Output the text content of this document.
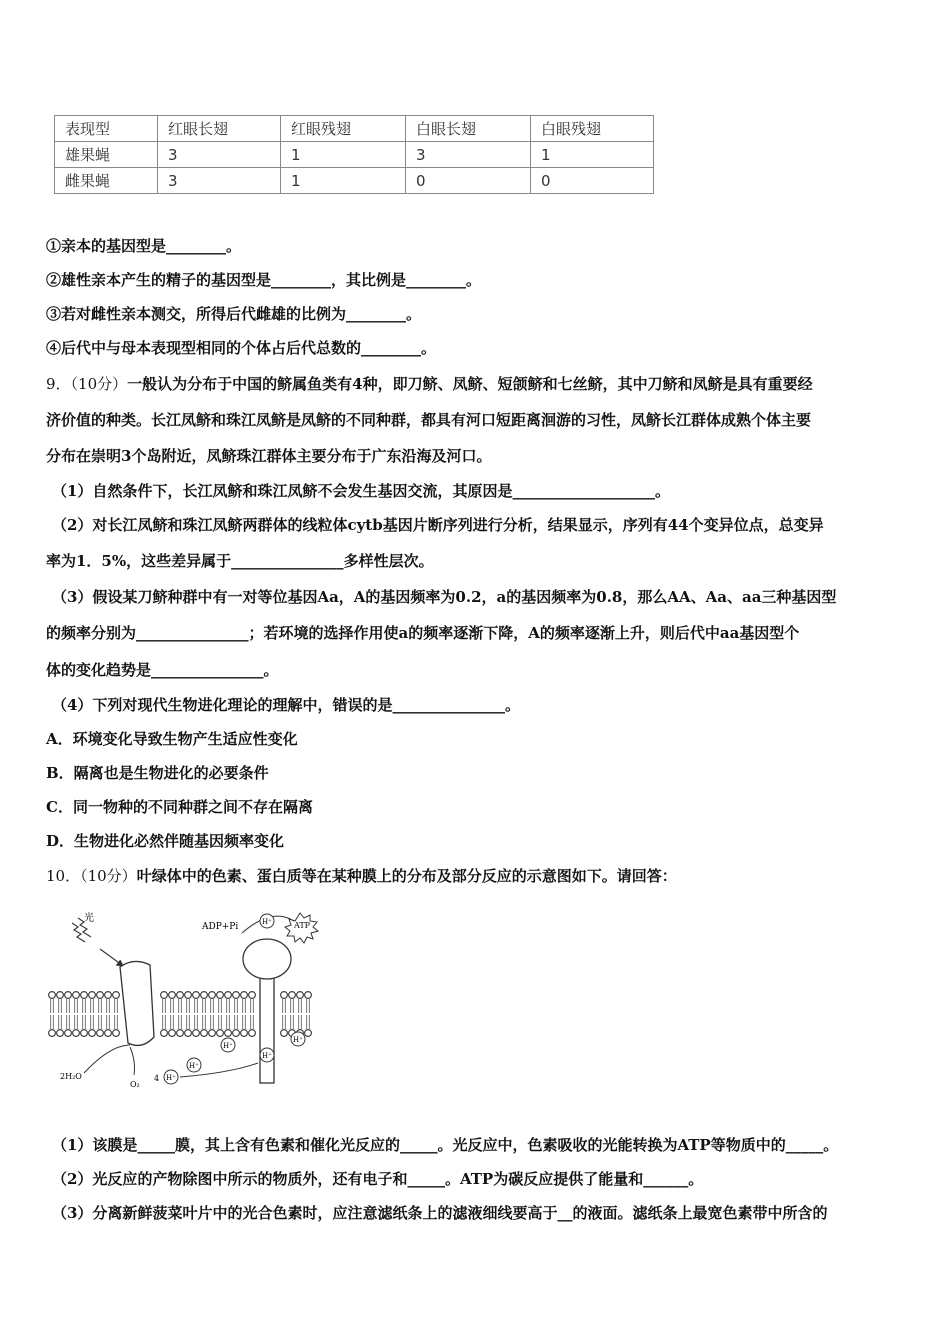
表现型	红眼长翅	红眼残翅	白眼长翅	白眼残翅
雄果蝇	3	1	3	1
雌果蝇	3	1	0	0
①亲本的基因型是________。
②雄性亲本产生的精子的基因型是________，其比例是________。
③若对雌性亲本测交，所得后代雌雄的比例为________。
④后代中与母本表现型相同的个体占后代总数的________。
9．（10分）一般认为分布于中国的鲚属鱼类有4种，即刀鲚、凤鲚、短颌鲚和七丝鲚，其中刀鲚和凤鲚是具有重要经
济价值的种类。长江凤鲚和珠江凤鲚是凤鲚的不同种群，都具有河口短距离洄游的习性，凤鲚长江群体成熟个体主要
分布在崇明3个岛附近，凤鲚珠江群体主要分布于广东沿海及河口。
（1）自然条件下，长江凤鲚和珠江凤鲚不会发生基因交流，其原因是___________________。
（2）对长江凤鲚和珠江凤鲚两群体的线粒体cytb基因片断序列进行分析，结果显示，序列有44个变异位点，总变异
率为1．5%，这些差异属于_______________多样性层次。
（3）假设某刀鲚种群中有一对等位基因Aa，A的基因频率为0.2，a的基因频率为0.8，那么AA、Aa、aa三种基因型
的频率分别为_______________；若环境的选择作用使a的频率逐渐下降，A的频率逐渐上升，则后代中aa基因型个
体的变化趋势是_______________。
（4）下列对现代生物进化理论的理解中，错误的是_______________。
A．环境变化导致生物产生适应性变化
B．隔离也是生物进化的必要条件
C．同一物种的不同种群之间不存在隔离
D．生物进化必然伴随基因频率变化
10．（10分）叶绿体中的色素、蛋白质等在某种膜上的分布及部分反应的示意图如下。请回答：
光
ADP+Pi	ATP
H⁺
H⁺
H⁺
H⁺
H⁺
H⁺
2H₂O
O₂
4
（1）该膜是_____膜，其上含有色素和催化光反应的_____。光反应中，色素吸收的光能转换为ATP等物质中的_____。
（2）光反应的产物除图中所示的物质外，还有电子和_____。ATP为碳反应提供了能量和______。
（3）分离新鲜菠菜叶片中的光合色素时，应注意滤纸条上的滤液细线要高于__的液面。滤纸条上最宽色素带中所含的
